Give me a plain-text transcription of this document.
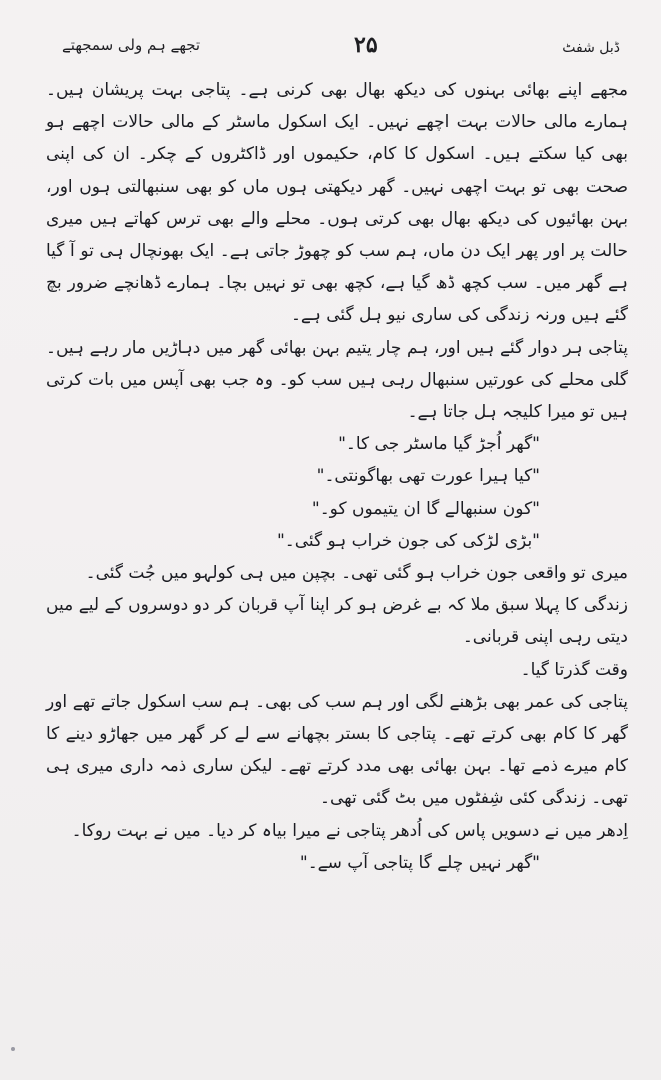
تجھے ہم ولی سمجھتے	۲۵	ڈبل شفٹ

مجھے اپنے بھائی بہنوں کی دیکھ بھال بھی کرنی ہے۔ پتاجی بہت پریشان ہیں۔ ہمارے مالی حالات بہت اچھے نہیں۔ ایک اسکول ماسٹر کے مالی حالات اچھے ہو بھی کیا سکتے ہیں۔ اسکول کا کام، حکیموں اور ڈاکٹروں کے چکر۔ ان کی اپنی صحت بھی تو بہت اچھی نہیں۔ گھر دیکھتی ہوں ماں کو بھی سنبھالتی ہوں اور، بہن بھائیوں کی دیکھ بھال بھی کرتی ہوں۔ محلے والے بھی ترس کھاتے ہیں میری حالت پر اور پھر ایک دن ماں، ہم سب کو چھوڑ جاتی ہے۔ ایک بھونچال ہی تو آ گیا ہے گھر میں۔ سب کچھ ڈھ گیا ہے، کچھ بھی تو نہیں بچا۔ ہمارے ڈھانچے ضرور بچ گئے ہیں ورنہ زندگی کی ساری نیو ہل گئی ہے۔

پتاجی ہر دوار گئے ہیں اور، ہم چار یتیم بہن بھائی گھر میں دہاڑیں مار رہے ہیں۔ گلی محلے کی عورتیں سنبھال رہی ہیں سب کو۔ وہ جب بھی آپس میں بات کرتی ہیں تو میرا کلیجہ ہل جاتا ہے۔

"گھر اُجڑ گیا ماسٹر جی کا۔"

"کیا ہیرا عورت تھی بھاگونتی۔"

"کون سنبھالے گا ان یتیموں کو۔"

"بڑی لڑکی کی جون خراب ہو گئی۔"

میری تو واقعی جون خراب ہو گئی تھی۔ بچپن میں ہی کولہو میں جُت گئی۔

زندگی کا پہلا سبق ملا کہ بے غرض ہو کر اپنا آپ قربان کر دو دوسروں کے لیے میں دیتی رہی اپنی قربانی۔

وقت گذرتا گیا۔

پتاجی کی عمر بھی بڑھنے لگی اور ہم سب کی بھی۔ ہم سب اسکول جاتے تھے اور گھر کا کام بھی کرتے تھے۔ پتاجی کا بستر بچھانے سے لے کر گھر میں جھاڑو دینے کا کام میرے ذمے تھا۔ بہن بھائی بھی مدد کرتے تھے۔ لیکن ساری ذمہ داری میری ہی تھی۔ زندگی کئی شِفٹوں میں بٹ گئی تھی۔

اِدھر میں نے دسویں پاس کی اُدھر پتاجی نے میرا بیاہ کر دیا۔ میں نے بہت روکا۔

"گھر نہیں چلے گا پتاجی آپ سے۔"
